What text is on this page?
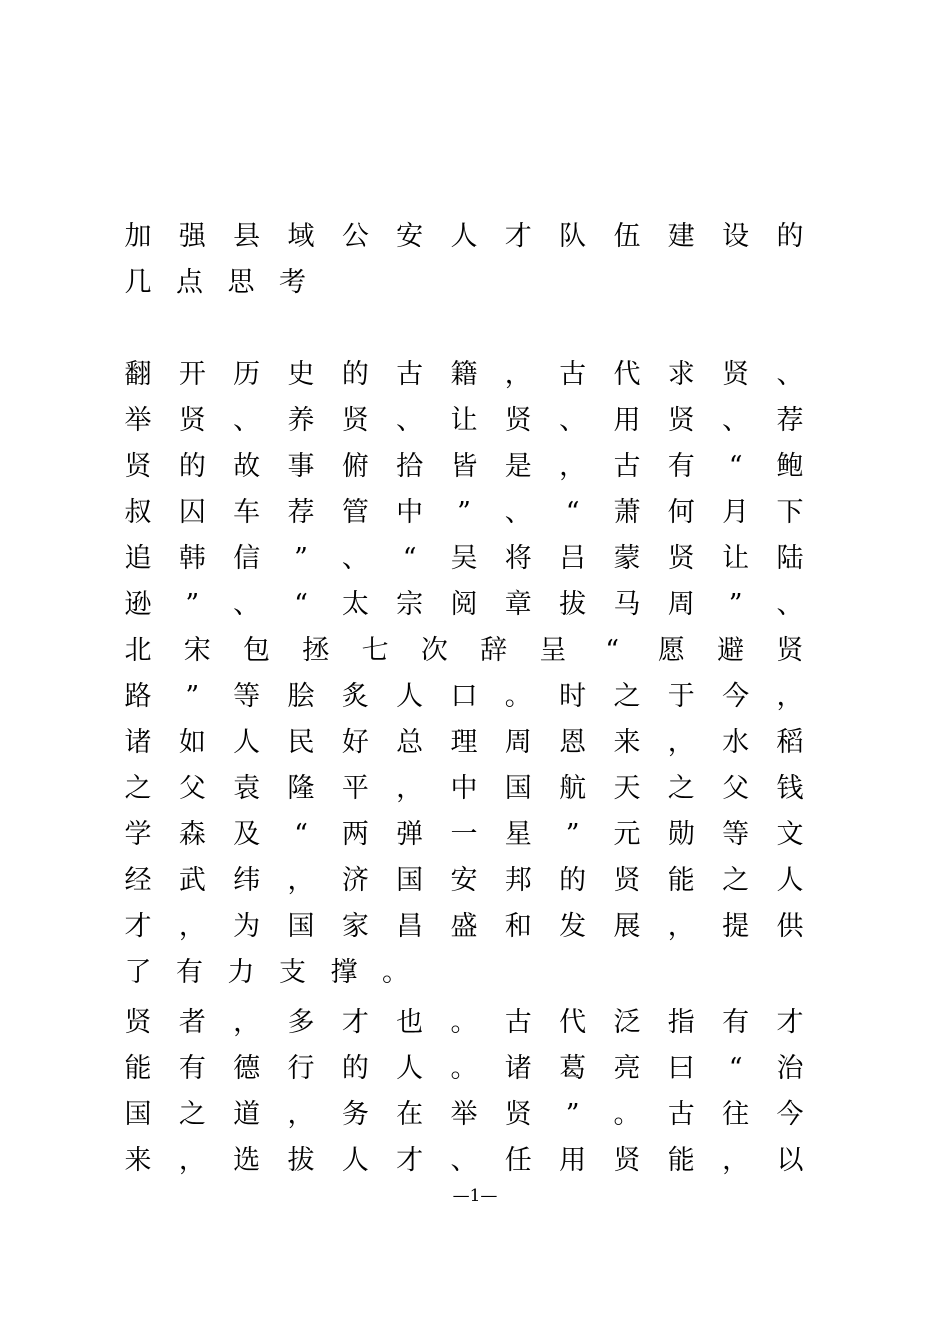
加 强 县 域 公 安 人 才 队 伍 建 设 的
几 点 思 考
翻 开 历 史 的 古 籍 ， 古 代 求 贤 、
举 贤 、 养 贤 、 让 贤 、 用 贤 、 荐
贤 的 故 事 俯 拾 皆 是 ， 古 有 “ 鲍
叔 囚 车 荐 管 中 ” 、 “ 萧 何 月 下
追 韩 信 ” 、 “ 吴 将 吕 蒙 贤 让 陆
逊 ” 、 “ 太 宗 阅 章 拔 马 周 ” 、
北 宋 包 拯 七 次 辞 呈 “ 愿 避 贤
路 ” 等 脍 炙 人 口 。 时 之 于 今 ，
诸 如 人 民 好 总 理 周 恩 来 ， 水 稻
之 父 袁 隆 平 ， 中 国 航 天 之 父 钱
学 森 及 “ 两 弹 一 星 ” 元 勋 等 文
经 武 纬 ， 济 国 安 邦 的 贤 能 之 人
才 ， 为 国 家 昌 盛 和 发 展 ， 提 供
了 有 力 支 撑 。
贤 者 ， 多 才 也 。 古 代 泛 指 有 才
能 有 德 行 的 人 。 诸 葛 亮 曰 “ 治
国 之 道 ， 务 在 举 贤 ” 。 古 往 今
来 ， 选 拔 人 才 、 任 用 贤 能 ， 以
—1—
